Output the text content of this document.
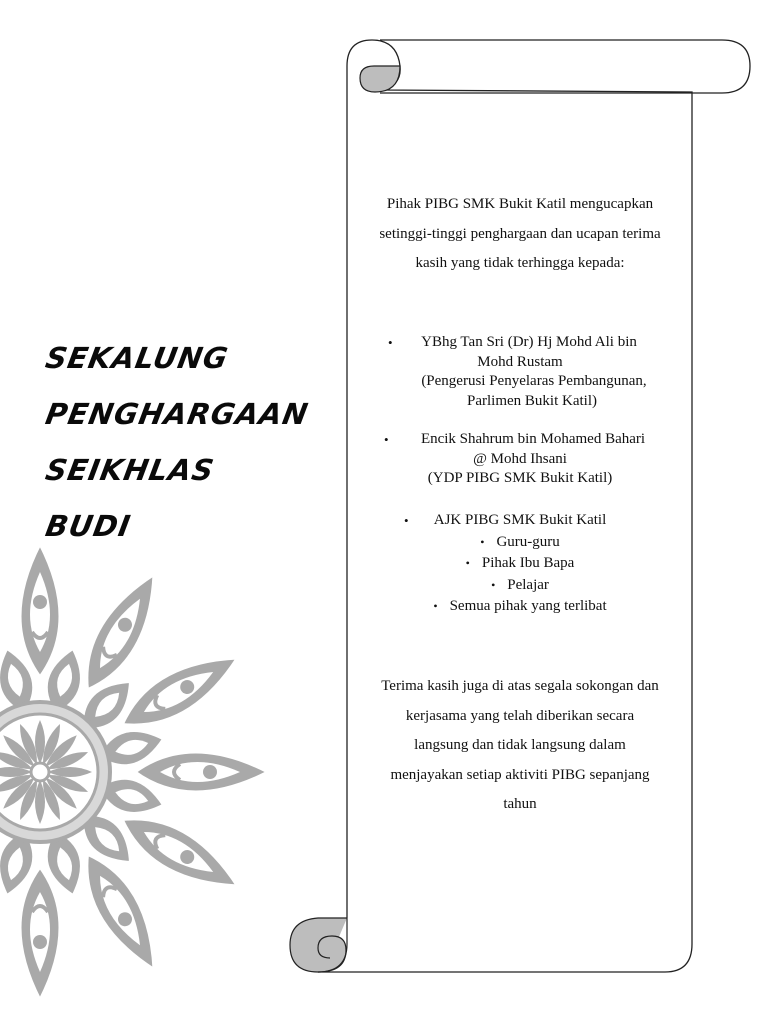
SEKALUNG
PENGHARGAAN
SEIKHLAS
BUDI

Pihak PIBG SMK Bukit Katil mengucapkan

setinggi-tinggi penghargaan dan ucapan terima

kasih yang tidak terhingga kepada:

•	YBhg Tan Sri (Dr) Hj Mohd Ali bin

Mohd Rustam

(Pengerusi Penyelaras Pembangunan,

Parlimen Bukit Katil)

•	Encik Shahrum bin Mohamed Bahari

@ Mohd Ihsani

(YDP PIBG SMK Bukit Katil)

•	AJK PIBG SMK Bukit Katil

• Guru-guru
• Pihak Ibu Bapa
• Pelajar
• Semua pihak yang terlibat

Terima kasih juga di atas segala sokongan dan

kerjasama yang telah diberikan secara

langsung dan tidak langsung dalam

menjayakan setiap aktiviti PIBG sepanjang

tahun
